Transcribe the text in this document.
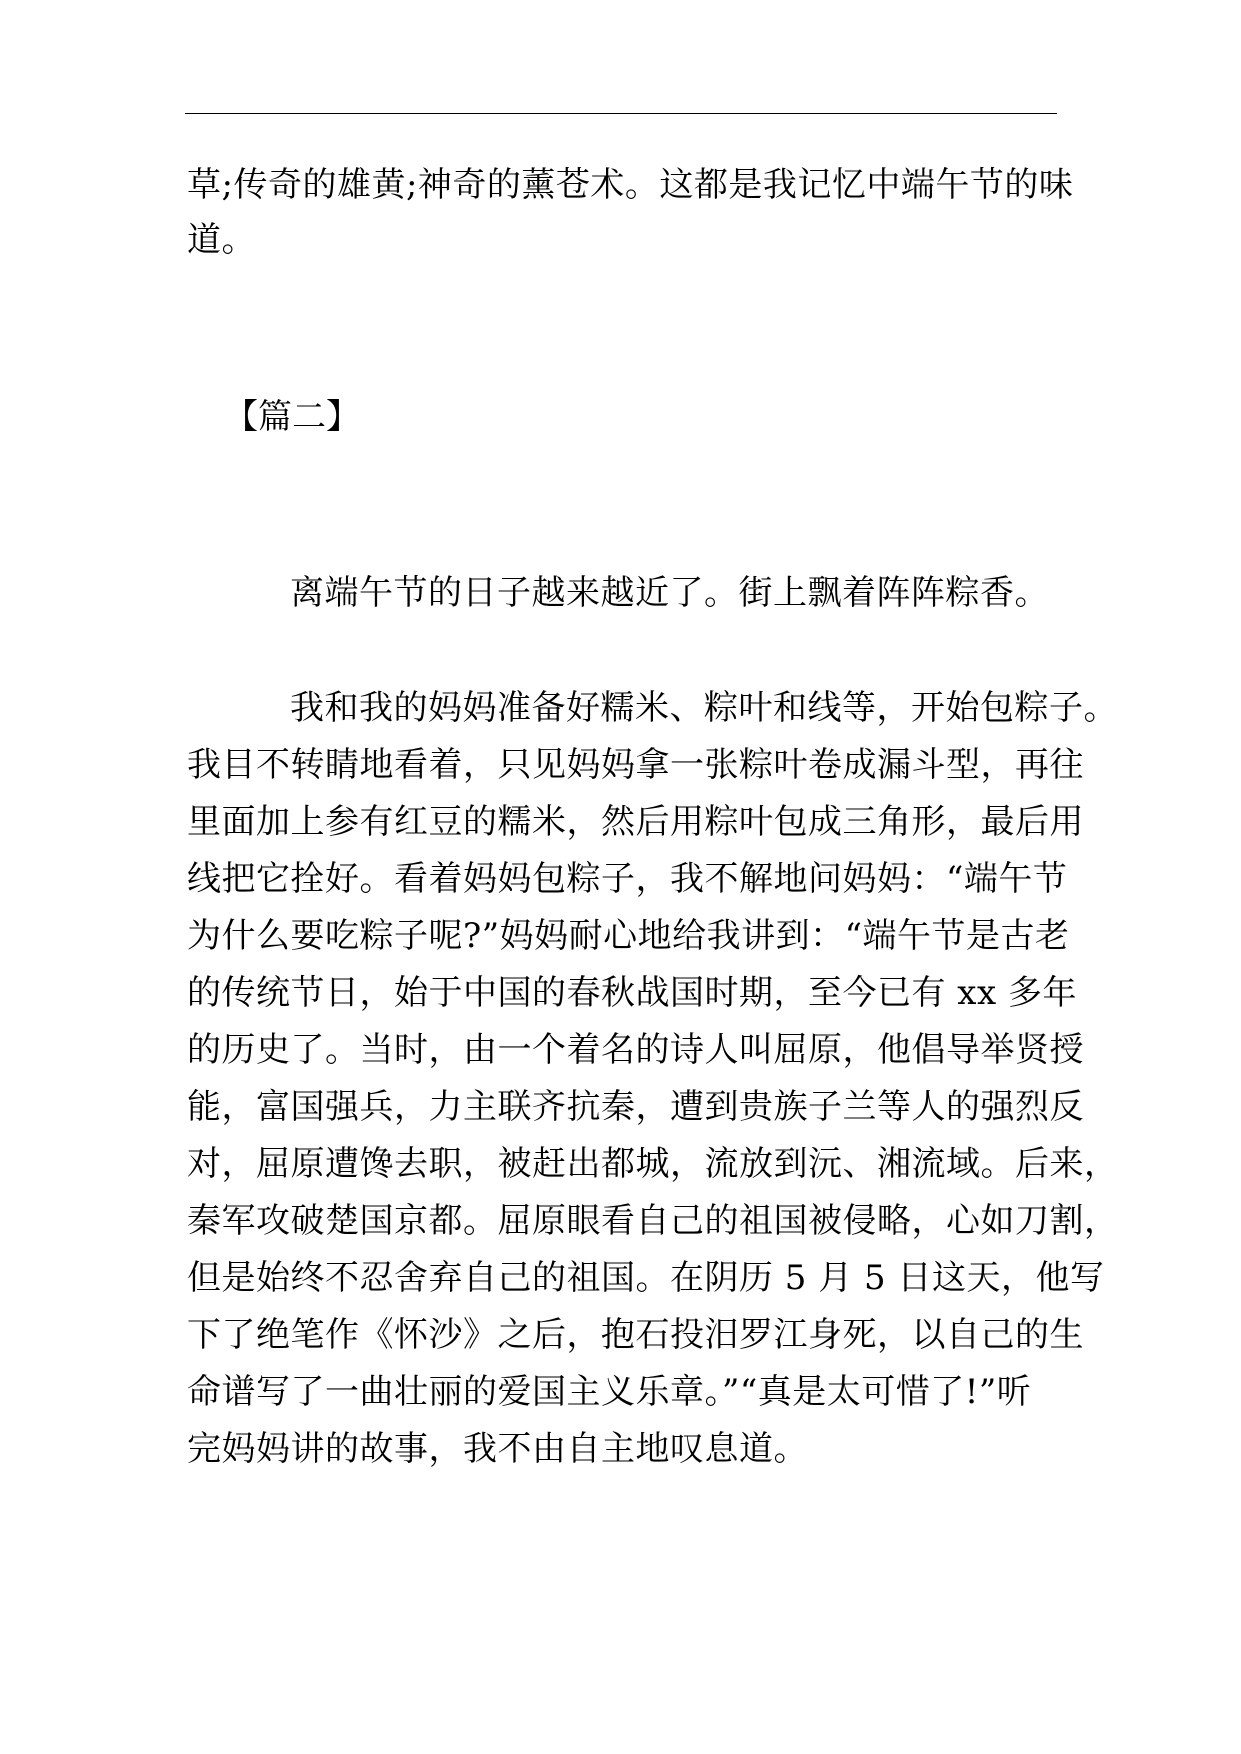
草;传奇的雄黄;神奇的薰苍术。这都是我记忆中端午节的味
道。
【篇二】
离端午节的日子越来越近了。街上飘着阵阵粽香。
我和我的妈妈准备好糯米、粽叶和线等，开始包粽子。
我目不转睛地看着，只见妈妈拿一张粽叶卷成漏斗型，再往
里面加上参有红豆的糯米，然后用粽叶包成三角形，最后用
线把它拴好。看着妈妈包粽子，我不解地问妈妈：“端午节
为什么要吃粽子呢?”妈妈耐心地给我讲到：“端午节是古老
的传统节日，始于中国的春秋战国时期，至今已有 xx 多年
的历史了。当时，由一个着名的诗人叫屈原，他倡导举贤授
能，富国强兵，力主联齐抗秦，遭到贵族子兰等人的强烈反
对，屈原遭馋去职，被赶出都城，流放到沅、湘流域。后来，
秦军攻破楚国京都。屈原眼看自己的祖国被侵略，心如刀割，
但是始终不忍舍弃自己的祖国。在阴历 5 月 5 日这天，他写
下了绝笔作《怀沙》之后，抱石投汨罗江身死，以自己的生
命谱写了一曲壮丽的爱国主义乐章。”“真是太可惜了!”听
完妈妈讲的故事，我不由自主地叹息道。
